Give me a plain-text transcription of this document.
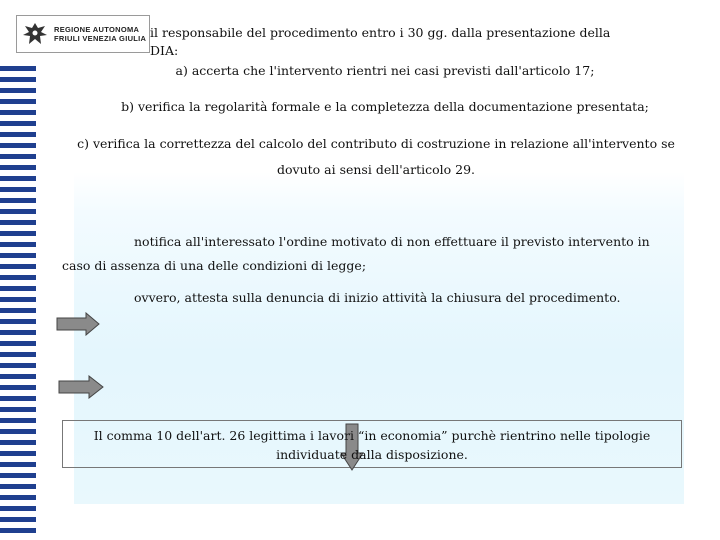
REGIONE AUTONOMA
FRIULI VENEZIA GIULIA il responsabile del procedimento entro i 30 gg. dalla presentazione della DIA:
a) accerta che l'intervento rientri nei casi previsti dall'articolo 17;
b) verifica la regolarità formale e la completezza della documentazione presentata;
c) verifica la correttezza del calcolo del contributo di costruzione in relazione all'intervento se dovuto ai sensi dell'articolo 29.
notifica all'interessato l'ordine motivato di non effettuare il previsto intervento in caso di assenza di una delle condizioni di legge;
ovvero, attesta sulla denuncia di inizio attività la chiusura del procedimento.
Il comma 10 dell'art. 26 legittima i lavori “in economia” purchè rientrino nelle tipologie individuate dalla disposizione.
